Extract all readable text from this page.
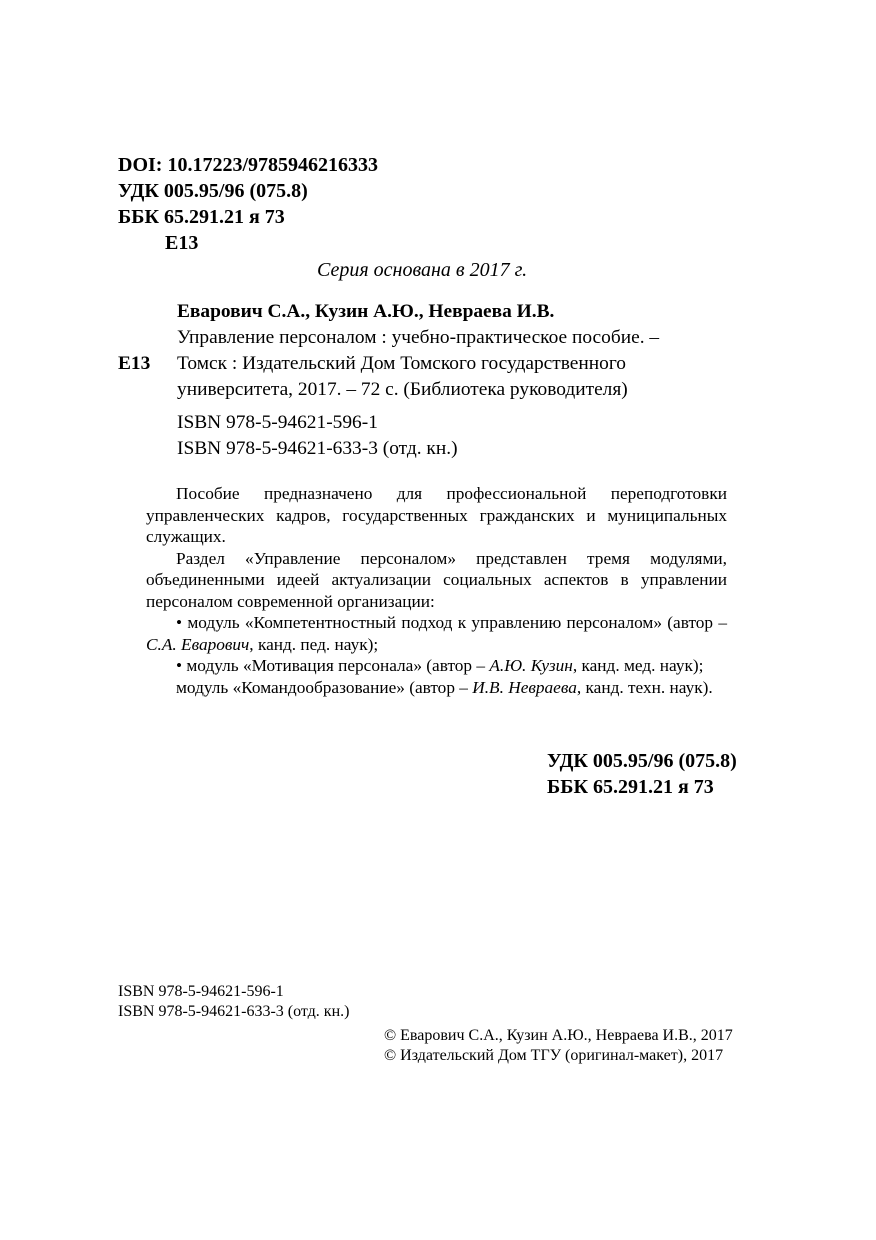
DOI: 10.17223/9785946216333
УДК 005.95/96 (075.8)
ББК 65.291.21 я 73
Е13
Серия основана в 2017 г.
Еварович С.А., Кузин А.Ю., Невраева И.В.
Управление персоналом : учебно-практическое пособие. –
Е13 Томск : Издательский Дом Томского государственного
университета, 2017. – 72 с. (Библиотека руководителя)
ISBN 978-5-94621-596-1
ISBN 978-5-94621-633-3 (отд. кн.)

Пособие предназначено для профессиональной переподготовки управленческих кадров, государственных гражданских и муниципальных служащих.

Раздел «Управление персоналом» представлен тремя модулями, объединенными идеей актуализации социальных аспектов в управлении персоналом современной организации:

• модуль «Компетентностный подход к управлению персоналом» (автор – С.А. Еварович, канд. пед. наук);

• модуль «Мотивация персонала» (автор – А.Ю. Кузин, канд. мед. наук);

модуль «Командообразование» (автор – И.В. Невраева, канд. техн. наук).

УДК 005.95/96 (075.8)
ББК 65.291.21 я 73
ISBN 978-5-94621-596-1
ISBN 978-5-94621-633-3 (отд. кн.)
© Еварович С.А., Кузин А.Ю., Невраева И.В., 2017
© Издательский Дом ТГУ (оригинал-макет), 2017
